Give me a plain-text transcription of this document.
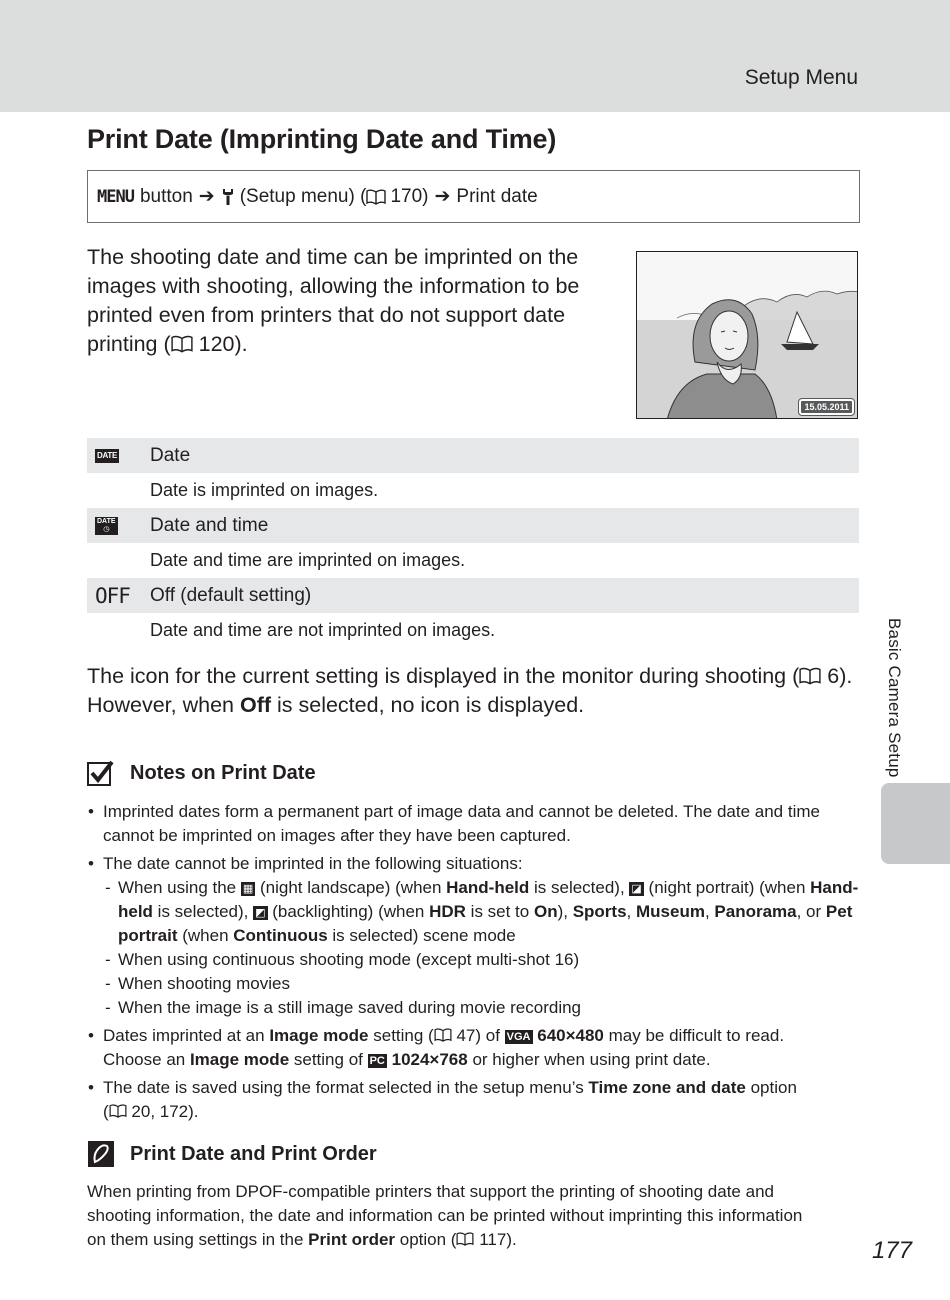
Setup Menu
Print Date (Imprinting Date and Time)
MENU button ➔ (Setup menu) ( 170) ➔ Print date
The shooting date and time can be imprinted on the
images with shooting, allowing the information to be
printed even from printers that do not support date
printing ( 120).
15.05.2011
DATE Date
Date is imprinted on images.
DATE
◷ Date and time
Date and time are imprinted on images.
OFF	Off (default setting)
Date and time are not imprinted on images.
The icon for the current setting is displayed in the monitor during shooting ( 6).
However, when Off is selected, no icon is displayed.
Notes on Print Date
• Imprinted dates form a permanent part of image data and cannot be deleted. The date and time cannot be imprinted on images after they have been captured.
• The date cannot be imprinted in the following situations:
- When using the ▦ (night landscape) (when Hand-held is selected), ◪ (night portrait) (when Hand-held is selected), ◩ (backlighting) (when HDR is set to On), Sports, Museum, Panorama, or Pet portrait (when Continuous is selected) scene mode
- When using continuous shooting mode (except multi-shot 16)
- When shooting movies
- When the image is a still image saved during movie recording
• Dates imprinted at an Image mode setting ( 47) of VGA 640×480 may be difficult to read.
Choose an Image mode setting of PC 1024×768 or higher when using print date.
• The date is saved using the format selected in the setup menu’s Time zone and date option
( 20, 172).
Print Date and Print Order
When printing from DPOF-compatible printers that support the printing of shooting date and
shooting information, the date and information can be printed without imprinting this information
on them using settings in the Print order option ( 117).
Basic Camera Setup
177
